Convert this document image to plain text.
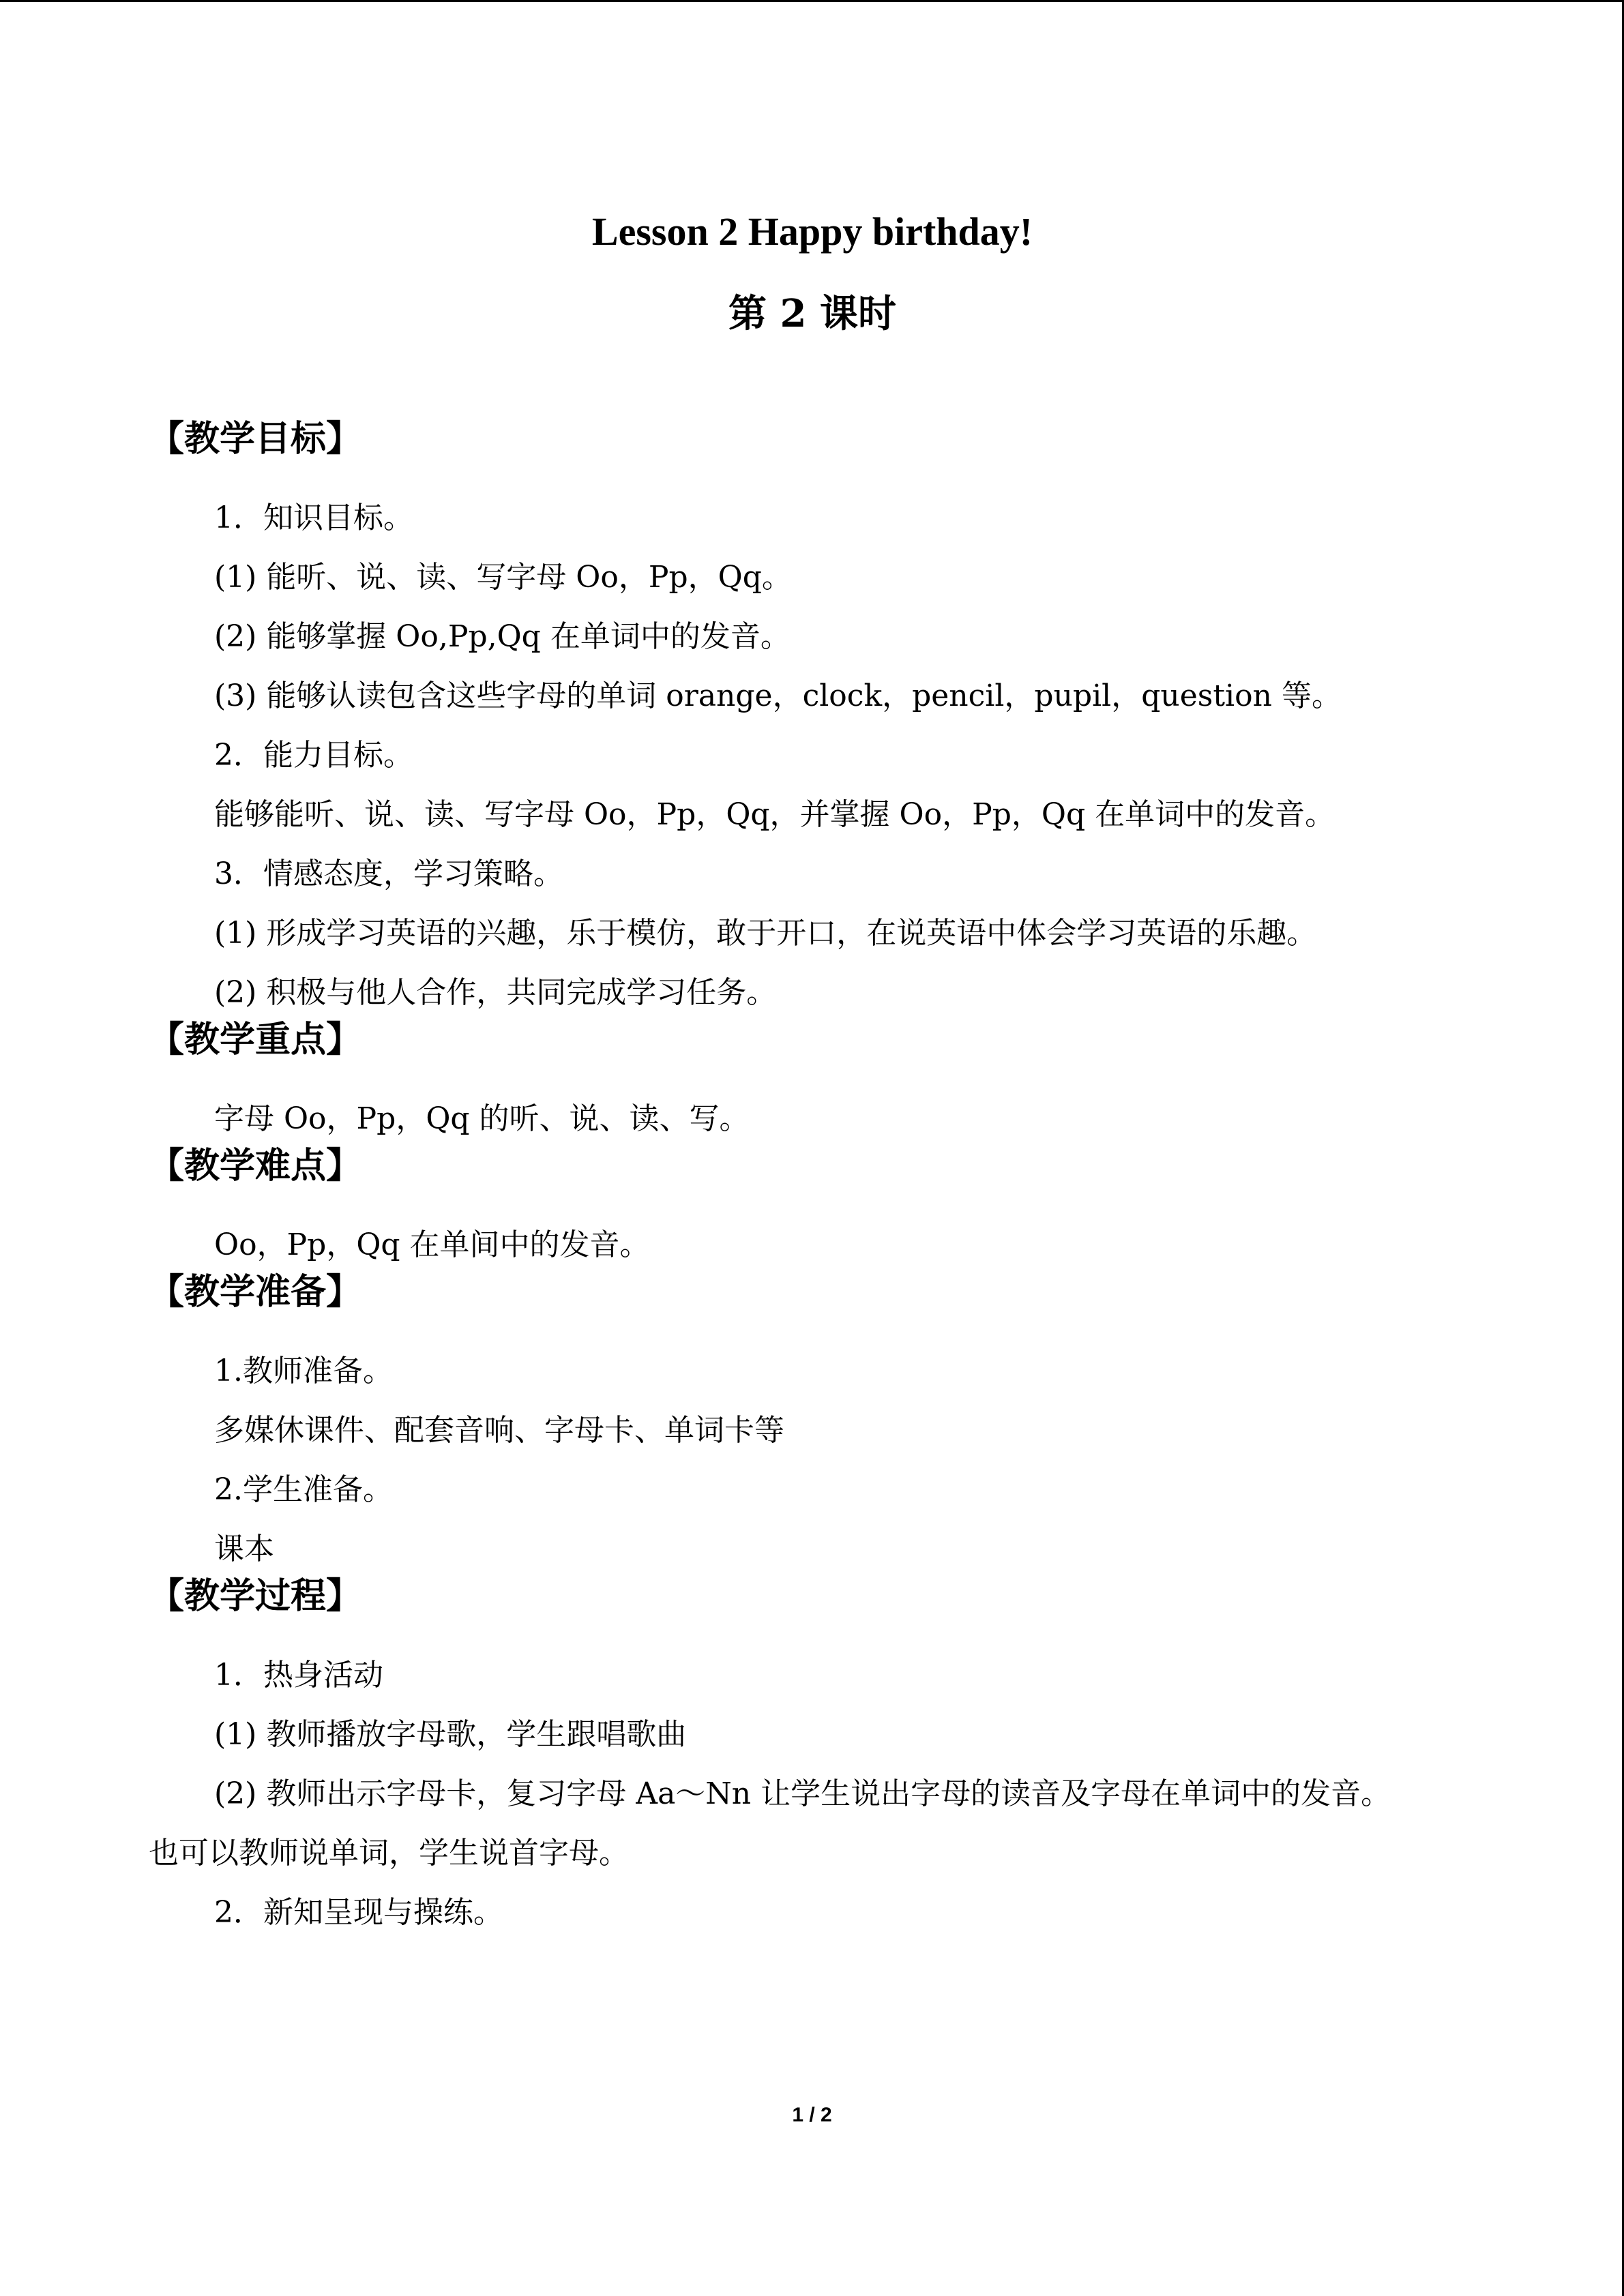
Lesson 2 Happy birthday!
第 2 课时
【教学目标】

1．知识目标。

(1) 能听、说、读、写字母 Oo，Pp，Qq。

(2) 能够掌握 Oo,Pp,Qq 在单词中的发音。

(3) 能够认读包含这些字母的单词 orange，clock，pencil，pupil，question 等。

2．能力目标。

能够能听、说、读、写字母 Oo，Pp，Qq，并掌握 Oo，Pp，Qq 在单词中的发音。

3．情感态度，学习策略。

(1) 形成学习英语的兴趣，乐于模仿，敢于开口，在说英语中体会学习英语的乐趣。

(2) 积极与他人合作，共同完成学习任务。

【教学重点】

字母 Oo，Pp，Qq 的听、说、读、写。

【教学难点】

Oo，Pp，Qq 在单间中的发音。

【教学准备】

1.教师准备。

多媒休课件、配套音响、字母卡、单词卡等

2.学生准备。

课本

【教学过程】

1．热身活动

(1) 教师播放字母歌，学生跟唱歌曲

(2) 教师出示字母卡，复习字母 Aa～Nn 让学生说出字母的读音及字母在单词中的发音。

也可以教师说单词，学生说首字母。

2．新知呈现与操练。

1 / 2
